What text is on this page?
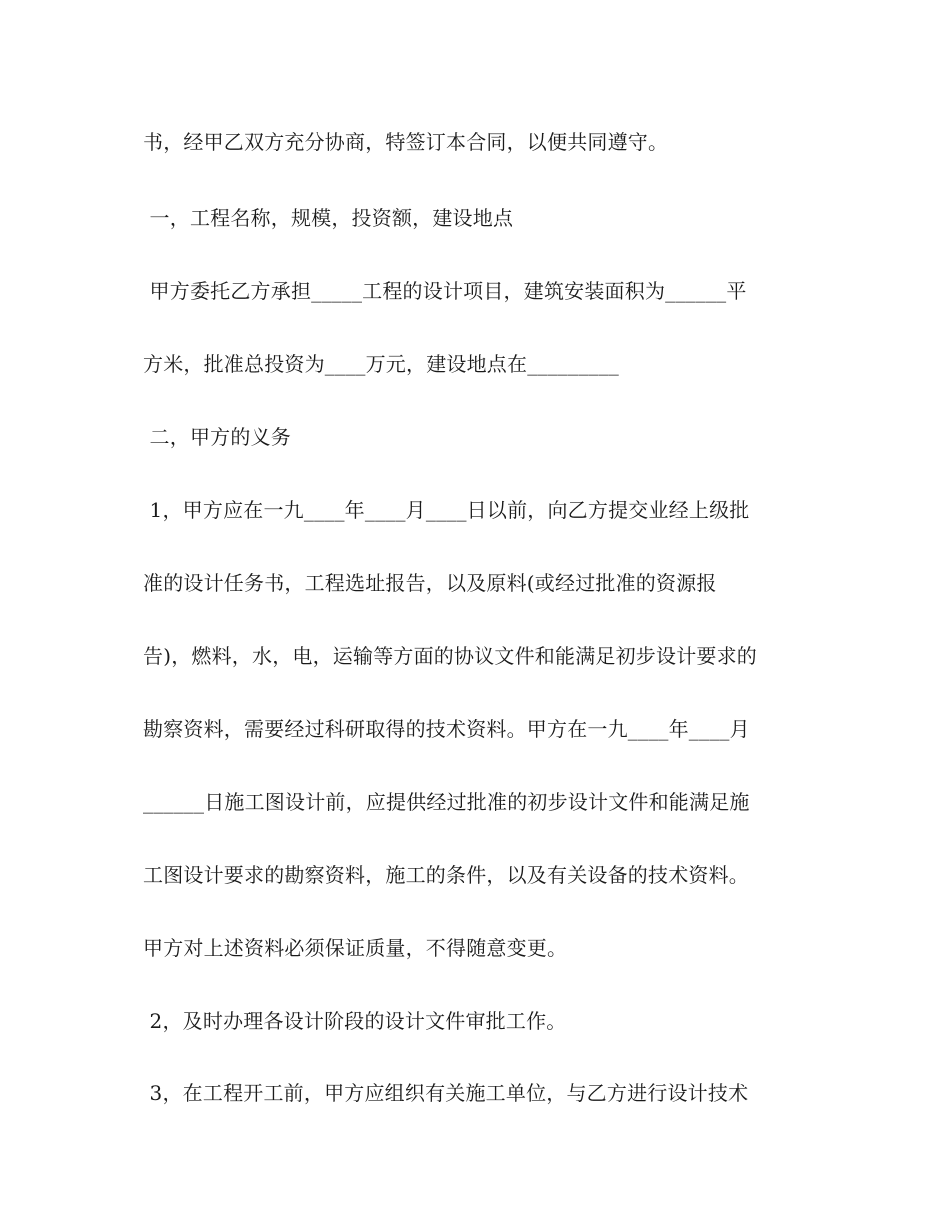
书，经甲乙双方充分协商，特签订本合同，以便共同遵守。
一，工程名称，规模，投资额，建设地点
甲方委托乙方承担_____工程的设计项目，建筑安装面积为______平
方米，批准总投资为____万元，建设地点在_________
二，甲方的义务
1，甲方应在一九____年____月____日以前，向乙方提交业经上级批
准的设计任务书，工程选址报告，以及原料(或经过批准的资源报
告)，燃料，水，电，运输等方面的协议文件和能满足初步设计要求的
勘察资料，需要经过科研取得的技术资料。甲方在一九____年____月
______日施工图设计前，应提供经过批准的初步设计文件和能满足施
工图设计要求的勘察资料，施工的条件，以及有关设备的技术资料。
甲方对上述资料必须保证质量，不得随意变更。
2，及时办理各设计阶段的设计文件审批工作。
3，在工程开工前，甲方应组织有关施工单位，与乙方进行设计技术
